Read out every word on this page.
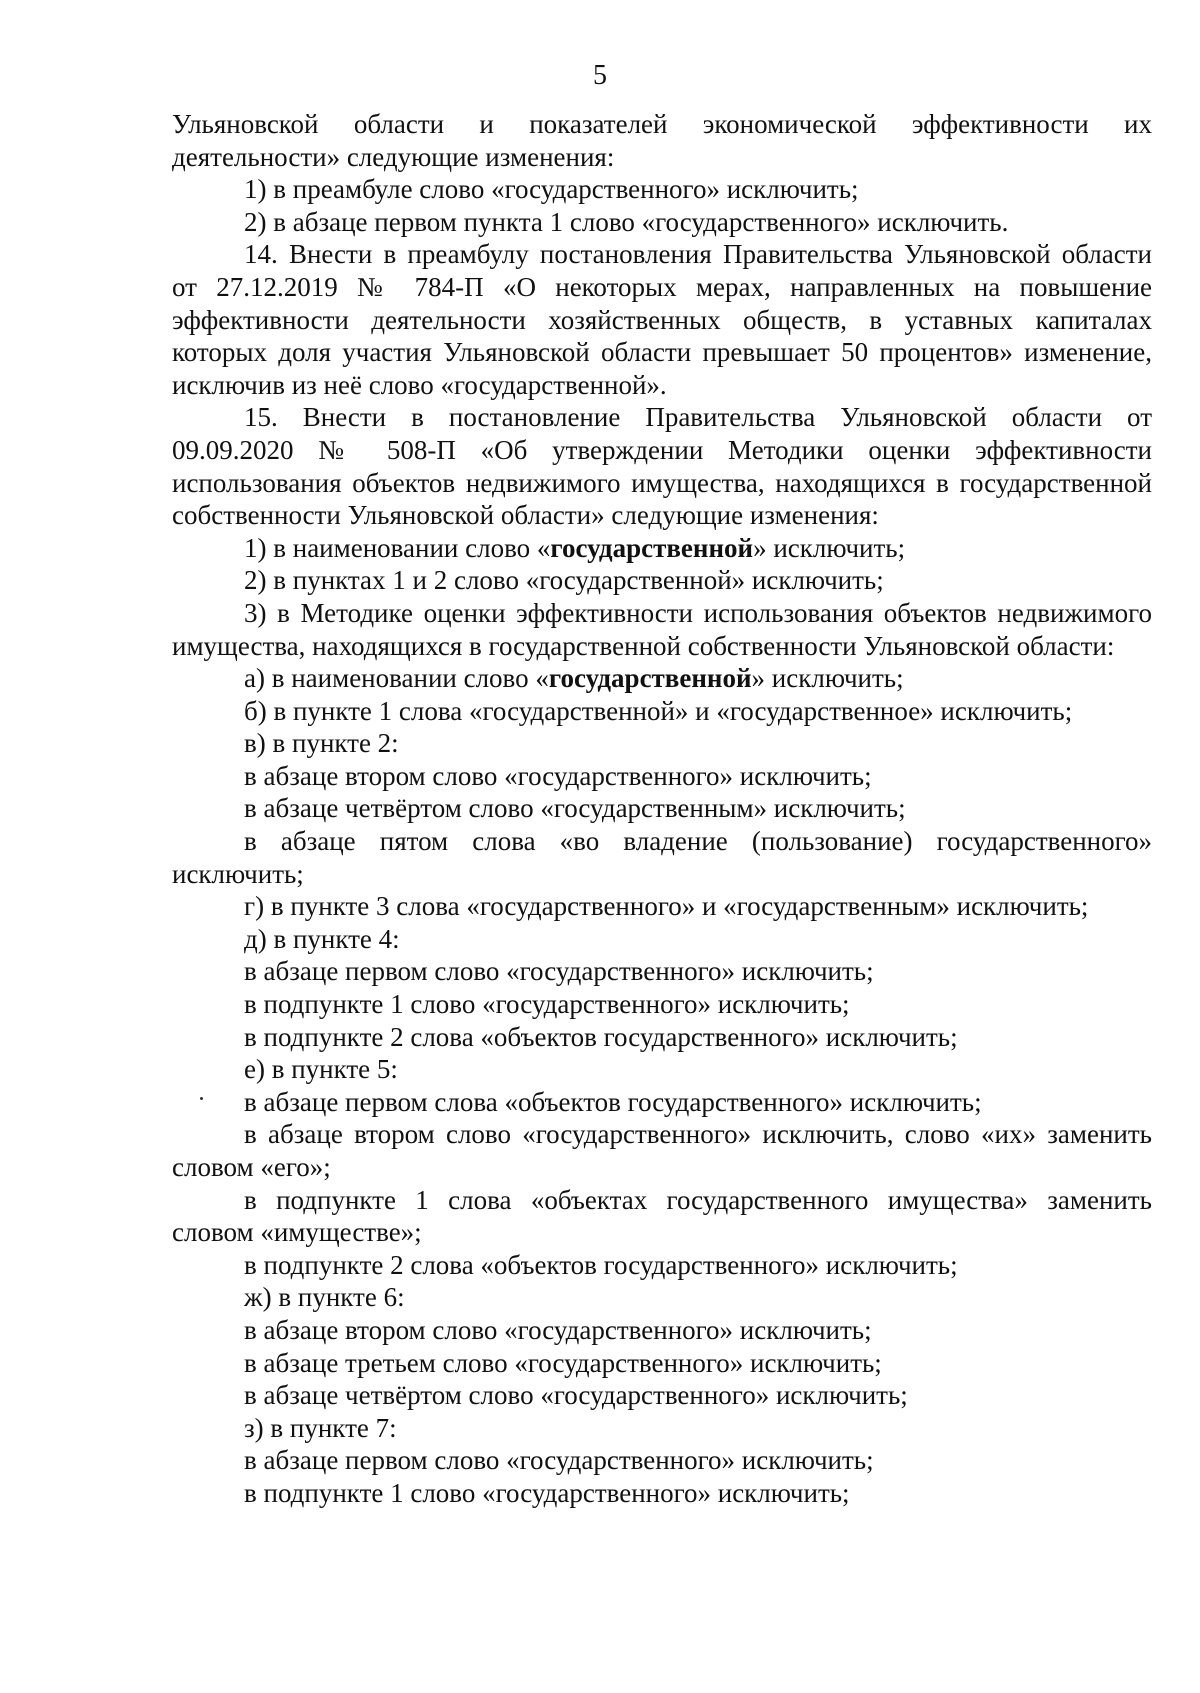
5

Ульяновской области и показателей экономической эффективности их деятельности» следующие изменения:

1) в преамбуле слово «государственного» исключить;

2) в абзаце первом пункта 1 слово «государственного» исключить.

14. Внести в преамбулу постановления Правительства Ульяновской области от 27.12.2019 № 784-П «О некоторых мерах, направленных на повышение эффективности деятельности хозяйственных обществ, в уставных капиталах которых доля участия Ульяновской области превышает 50 процентов» изменение, исключив из неё слово «государственной».

15. Внести в постановление Правительства Ульяновской области от 09.09.2020 № 508-П «Об утверждении Методики оценки эффективности использования объектов недвижимого имущества, находящихся в государственной собственности Ульяновской области» следующие изменения:

1) в наименовании слово «государственной» исключить;

2) в пунктах 1 и 2 слово «государственной» исключить;

3) в Методике оценки эффективности использования объектов недвижимого имущества, находящихся в государственной собственности Ульяновской области:

а) в наименовании слово «государственной» исключить;

б) в пункте 1 слова «государственной» и «государственное» исключить;

в) в пункте 2:

в абзаце втором слово «государственного» исключить;

в абзаце четвёртом слово «государственным» исключить;

в абзаце пятом слова «во владение (пользование) государственного» исключить;

г) в пункте 3 слова «государственного» и «государственным» исключить;

д) в пункте 4:

в абзаце первом слово «государственного» исключить;

в подпункте 1 слово «государственного» исключить;

в подпункте 2 слова «объектов государственного» исключить;

е) в пункте 5:

в абзаце первом слова «объектов государственного» исключить;

в абзаце втором слово «государственного» исключить, слово «их» заменить словом «его»;

в подпункте 1 слова «объектах государственного имущества» заменить словом «имуществе»;

в подпункте 2 слова «объектов государственного» исключить;

ж) в пункте 6:

в абзаце втором слово «государственного» исключить;

в абзаце третьем слово «государственного» исключить;

в абзаце четвёртом слово «государственного» исключить;

з) в пункте 7:

в абзаце первом слово «государственного» исключить;

в подпункте 1 слово «государственного» исключить;
